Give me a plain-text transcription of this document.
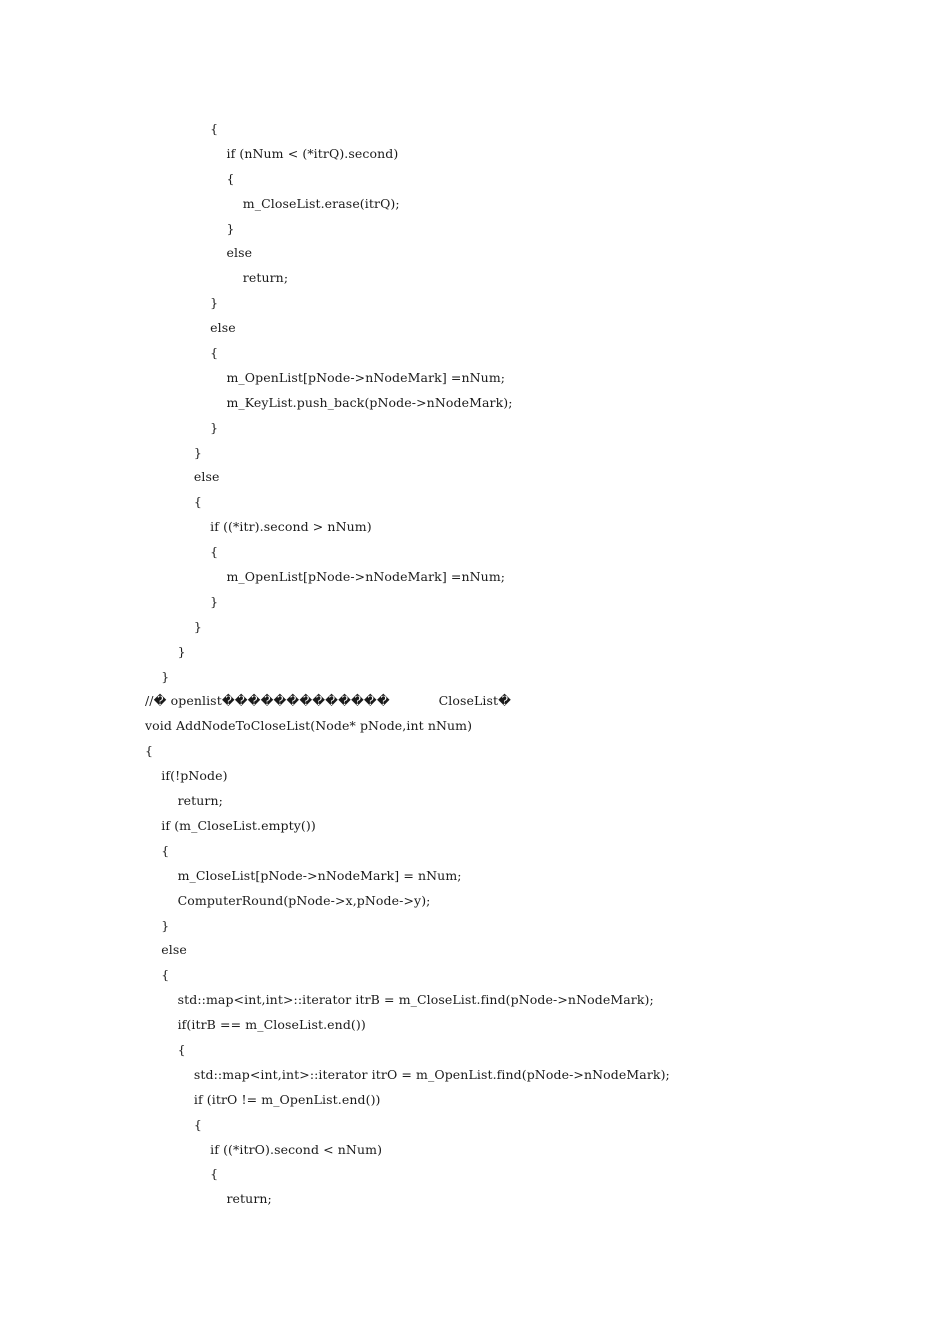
{
if (nNum < (*itrQ).second)
{
m_CloseList.erase(itrQ);
}
else
return;
}
else
{
m_OpenList[pNode->nNodeMark] =nNum;
m_KeyList.push_back(pNode->nNodeMark);
}
}
else
{
if ((*itr).second > nNum)
{
m_OpenList[pNode->nNodeMark] =nNum;
}
}
}
}
//� openlist�������������            CloseList�
void AddNodeToCloseList(Node* pNode,int nNum)
{
if(!pNode)
return;
if (m_CloseList.empty())
{
m_CloseList[pNode->nNodeMark] = nNum;
ComputerRound(pNode->x,pNode->y);
}
else
{
std::map<int,int>::iterator itrB = m_CloseList.find(pNode->nNodeMark);
if(itrB == m_CloseList.end())
{
std::map<int,int>::iterator itrO = m_OpenList.find(pNode->nNodeMark);
if (itrO != m_OpenList.end())
{
if ((*itrO).second < nNum)
{
return;
